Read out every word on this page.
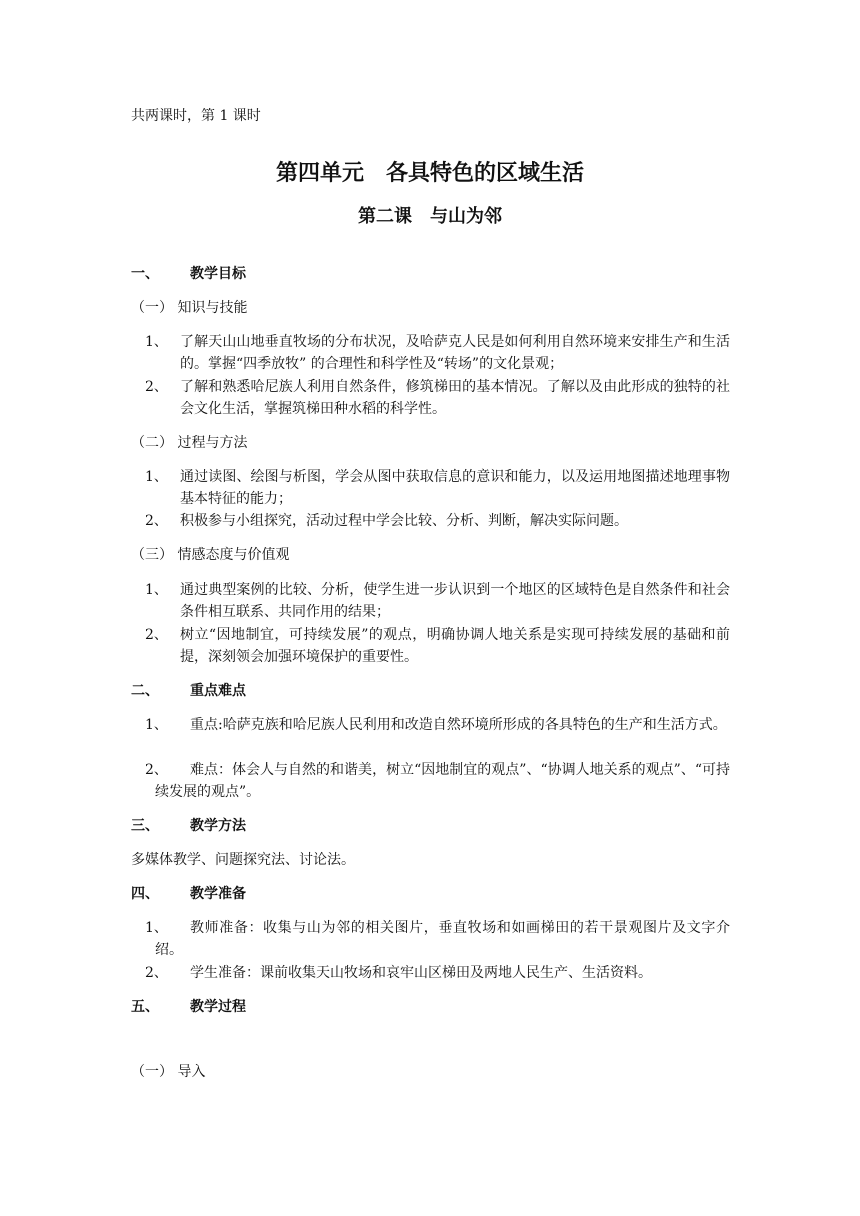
共两课时，第 1 课时
第四单元　各具特色的区域生活
第二课　与山为邻
一、 教学目标
（一） 知识与技能
1、 了解天山山地垂直牧场的分布状况，及哈萨克人民是如何利用自然环境来安排生产和生活的。掌握“四季放牧” 的合理性和科学性及“转场”的文化景观；
2、 了解和熟悉哈尼族人利用自然条件，修筑梯田的基本情况。了解以及由此形成的独特的社会文化生活，掌握筑梯田种水稻的科学性。
（二） 过程与方法
1、 通过读图、绘图与析图，学会从图中获取信息的意识和能力，以及运用地图描述地理事物基本特征的能力；
2、 积极参与小组探究，活动过程中学会比较、分析、判断，解决实际问题。
（三） 情感态度与价值观
1、 通过典型案例的比较、分析，使学生进一步认识到一个地区的区域特色是自然条件和社会条件相互联系、共同作用的结果；
2、 树立“因地制宜，可持续发展”的观点，明确协调人地关系是实现可持续发展的基础和前提，深刻领会加强环境保护的重要性。
二、 重点难点
1、	重点:哈萨克族和哈尼族人民利用和改造自然环境所形成的各具特色的生产和生活方式。
2、	难点：体会人与自然的和谐美，树立“因地制宜的观点”、“协调人地关系的观点”、“可持续发展的观点”。
三、 教学方法
多媒体教学、问题探究法、讨论法。
四、 教学准备
1、	教师准备：收集与山为邻的相关图片，垂直牧场和如画梯田的若干景观图片及文字介绍。
2、	学生准备：课前收集天山牧场和哀牢山区梯田及两地人民生产、生活资料。
五、 教学过程
（一） 导入
